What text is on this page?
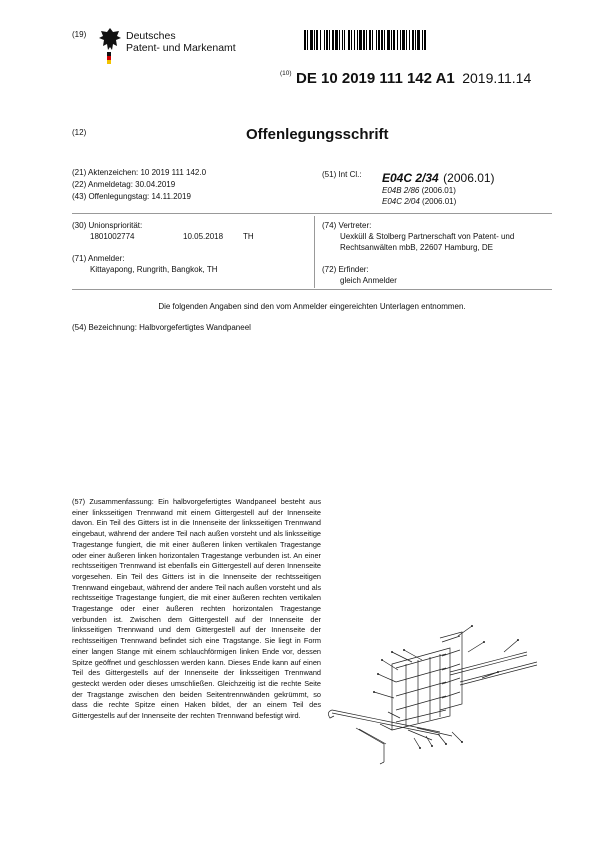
(19)	Deutsches
Patent- und Markenamt
$^{(10)}$ DE 10 2019 111 142 A1 2019.11.14
(12)	Offenlegungsschrift
(21) Aktenzeichen: 10 2019 111 142.0
(22) Anmeldetag: 30.04.2019
(43) Offenlegungstag: 14.11.2019
(51) Int Cl.: E04C 2/34 (2006.01)
E04B 2/86 (2006.01)
E04C 2/04 (2006.01)
(30) Unionspriorität:
1801002774	10.05.2018 TH
(74) Vertreter:
Uexküll & Stolberg Partnerschaft von Patent- und
Rechtsanwälten mbB, 22607 Hamburg, DE
(71) Anmelder:
Kittayapong, Rungrith, Bangkok, TH	(72) Erfinder:
gleich Anmelder
Die folgenden Angaben sind den vom Anmelder eingereichten Unterlagen entnommen.
(54) Bezeichnung: Halbvorgefertigtes Wandpaneel
(57) Zusammenfassung: Ein halbvorgefertigtes Wandpaneel besteht aus einer linksseitigen Trennwand mit einem Gittergestell auf der Innenseite davon. Ein Teil des Gitters ist in die Innenseite der linksseitigen Trennwand eingebaut, während der andere Teil nach außen vorsteht und als linksseitige Tragestange fungiert, die mit einer äußeren linken vertikalen Tragestange oder einer äußeren linken horizontalen Tragestange verbunden ist. An einer rechtsseitigen Trennwand ist ebenfalls ein Gittergestell auf deren Innenseite vorgesehen. Ein Teil des Gitters ist in die Innenseite der rechtsseitigen Trennwand eingebaut, während der andere Teil nach außen vorsteht und als rechtsseitige Tragestange fungiert, die mit einer äußeren rechten vertikalen Tragestange oder einer äußeren rechten horizontalen Tragestange verbunden ist. Zwischen dem Gittergestell auf der Innenseite der linksseitigen Trennwand und dem Gittergestell auf der Innenseite der rechtsseitigen Trennwand befindet sich eine Tragstange. Sie liegt in Form einer langen Stange mit einem schlauchförmigen linken Ende vor, dessen Spitze geöffnet und geschlossen werden kann. Dieses Ende kann auf einen Teil des Gittergestells auf der Innenseite der linksseitigen Trennwand gesteckt werden oder dieses umschließen. Gleichzeitig ist die rechte Seite der Tragstange zwischen den beiden Seitentrennwänden gekrümmt, so dass die rechte Spitze einen Haken bildet, der an einem Teil des Gittergestells auf der Innenseite der rechten Trennwand befestigt wird.
